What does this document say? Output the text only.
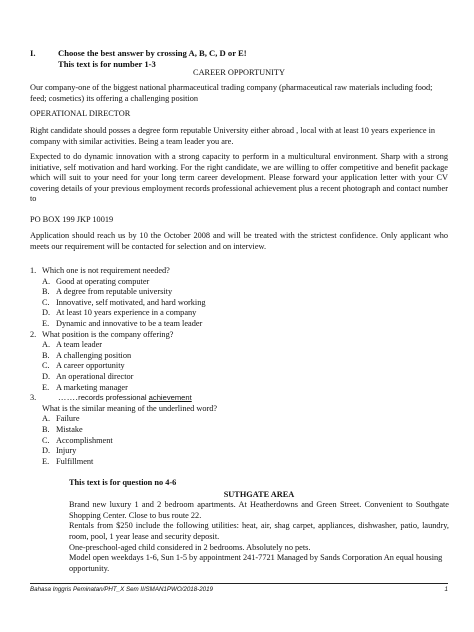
I.	Choose the best answer by crossing A, B, C, D or E!
This text is for number 1-3
CAREER OPPORTUNITY
Our company-one of the biggest national pharmaceutical trading company (pharmaceutical raw materials including food; feed; cosmetics) its offering a challenging position
OPERATIONAL DIRECTOR
Right candidate should posses a degree form reputable University either abroad , local with at least 10 years experience in company with similar activities. Being a team leader you are.
Expected to do dynamic innovation with a strong capacity to perform in a multicultural environment. Sharp with a strong initiative, self motivation and hard working. For the right candidate, we are willing to offer competitive and benefit package which will suit to your need for your long term career development. Please forward your application letter with your CV covering details of your previous employment records professional achievement plus a recent photograph and contact number to
PO BOX 199 JKP 10019
Application should reach us by 10 the October 2008 and will be treated with the strictest confidence. Only applicant who meets our requirement will be contacted for selection and on interview.
1. Which one is not requirement needed?
A. Good at operating computer
B. A degree from reputable university
C. Innovative, self motivated, and hard working
D. At least 10 years experience in a company
E. Dynamic and innovative to be a team leader
2. What position is the company offering?
A. A team leader
B. A challenging position
C. A career opportunity
D. An operational director
E. A marketing manager
3.	…….records professional achievement
What is the similar meaning of the underlined word?
A. Failure
B. Mistake
C. Accomplishment
D. Injury
E. Fulfillment
This text is for question no 4-6
SUTHGATE AREA
Brand new luxury 1 and 2 bedroom apartments. At Heatherdowns and Green Street. Convenient to Southgate Shopping Center. Close to bus route 22.
Rentals from $250 include the following utilities: heat, air, shag carpet, appliances, dishwasher, patio, laundry, room, pool, 1 year lease and security deposit.
One-preschool-aged child considered in 2 bedrooms. Absolutely no pets.
Model open weekdays 1-6, Sun 1-5 by appointment 241-7721 Managed by Sands Corporation An equal housing opportunity.
Bahasa Inggris Peminatan/PHT_X Sem II/SMAN1PWO/2018-2019	1
